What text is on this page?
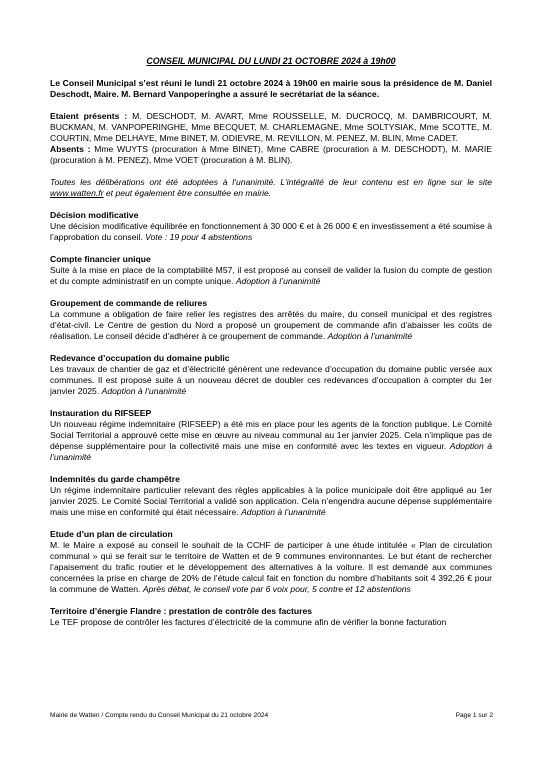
CONSEIL MUNICIPAL DU LUNDI 21 OCTOBRE 2024 à 19h00

Le Conseil Municipal s’est réuni le lundi 21 octobre 2024 à 19h00 en mairie sous la présidence de M. Daniel Deschodt, Maire. M. Bernard Vanpoperinghe a assuré le secrétariat de la séance.

Etaient présents : M. DESCHODT, M. AVART, Mme ROUSSELLE, M. DUCROCQ, M. DAMBRICOURT, M. BUCKMAN, M. VANPOPERINGHE, Mme BECQUET, M. CHARLEMAGNE, Mme SOLTYSIAK, Mme SCOTTE, M. COURTIN, Mme DELHAYE, Mme BINET, M. ODIEVRE, M. REVILLON, M. PENEZ, M. BLIN, Mme CADET.
Absents : Mme WUYTS (procuration à Mme BINET), Mme CABRE (procuration à M. DESCHODT), M. MARIE (procuration à M. PENEZ), Mme VOET (procuration à M. BLIN).

Toutes les délibérations ont été adoptées à l’unanimité. L’intégralité de leur contenu est en ligne sur le site www.watten.fr et peut également être consultée en mairie.

Décision modificative
Une décision modificative équilibrée en fonctionnement à 30 000 € et à 26 000 € en investissement a été soumise à l’approbation du conseil. Vote : 19 pour 4 abstentions
Compte financier unique
Suite à la mise en place de la comptabilité M57, il est proposé au conseil de valider la fusion du compte de gestion et du compte administratif en un compte unique. Adoption à l’unanimité
Groupement de commande de reliures
La commune a obligation de faire relier les registres des arrêtés du maire, du conseil municipal et des registres d’état-civil. Le Centre de gestion du Nord a proposé un groupement de commande afin d’abaisser les coûts de réalisation. Le conseil décide d’adhérer à ce groupement de commande. Adoption à l’unanimité
Redevance d’occupation du domaine public
Les travaux de chantier de gaz et d’électricité génèrent une redevance d’occupation du domaine public versée aux communes. Il est proposé suite à un nouveau décret de doubler ces redevances d’occupation à compter du 1er janvier 2025. Adoption à l’unanimité
Instauration du RIFSEEP
Un nouveau régime indemnitaire (RIFSEEP) a été mis en place pour les agents de la fonction publique. Le Comité Social Territorial a approuvé cette mise en œuvre au niveau communal au 1er janvier 2025. Cela n’implique pas de dépense supplémentaire pour la collectivité mais une mise en conformité avec les textes en vigueur. Adoption à l’unanimité
Indemnités du garde champêtre
Un régime indemnitaire particulier relevant des règles applicables à la police municipale doit être appliqué au 1er janvier 2025. Le Comité Social Territorial a validé son application. Cela n’engendra aucune dépense supplémentaire mais une mise en conformité qui était nécessaire. Adoption à l’unanimité
Etude d’un plan de circulation
M. le Maire a exposé au conseil le souhait de la CCHF de participer à une étude intitulée « Plan de circulation communal » qui se ferait sur le territoire de Watten et de 9 communes environnantes. Le but étant de rechercher l’apaisement du trafic routier et le développement des alternatives à la voiture. Il est demandé aux communes concernées la prise en charge de 20% de l’étude calcul fait en fonction du nombre d’habitants soit 4 392,26 € pour la commune de Watten. Après débat, le conseil vote par 6 voix pour, 5 contre et 12 abstentions
Territoire d’énergie Flandre : prestation de contrôle des factures
Le TEF propose de contrôler les factures d’électricité de la commune afin de vérifier la bonne facturation
Mairie de Watten / Compte rendu du Conseil Municipal du 21 octobre 2024	Page 1 sur 2
